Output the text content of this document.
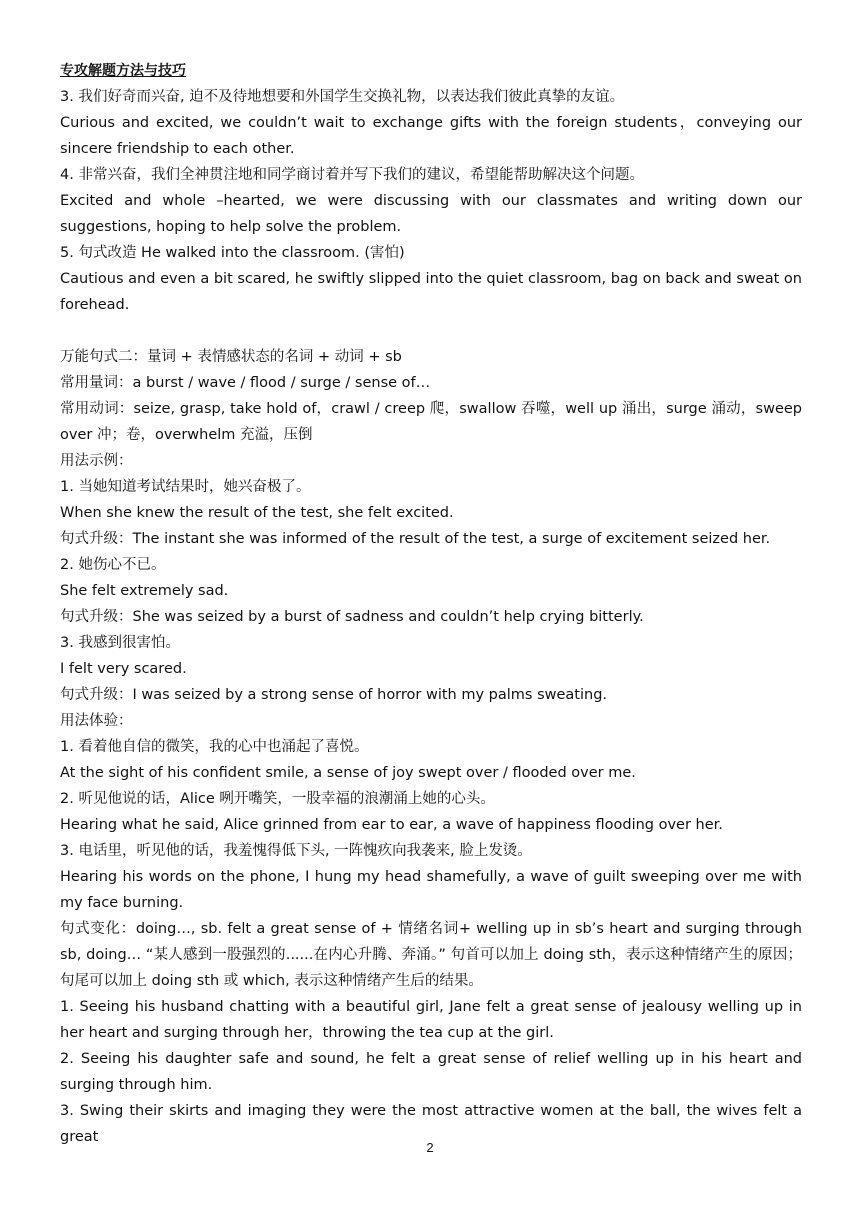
专攻解题方法与技巧

3. 我们好奇而兴奋, 迫不及待地想要和外国学生交换礼物，以表达我们彼此真挚的友谊。

Curious and excited, we couldn’t wait to exchange gifts with the foreign students，conveying our sincere friendship to each other.

4. 非常兴奋，我们全神贯注地和同学商讨着并写下我们的建议，希望能帮助解决这个问题。

Excited and whole –hearted, we were discussing with our classmates and writing down our suggestions, hoping to help solve the problem.

5. 句式改造 He walked into the classroom. (害怕)

Cautious and even a bit scared, he swiftly slipped into the quiet classroom, bag on back and sweat on forehead.

万能句式二：量词 + 表情感状态的名词 + 动词 + sb

常用量词：a burst / wave / flood / surge / sense of…

常用动词：seize, grasp, take hold of，crawl / creep 爬，swallow 吞噬，well up 涌出，surge 涌动，sweep over 冲；卷，overwhelm 充溢，压倒

用法示例：

1. 当她知道考试结果时，她兴奋极了。

When she knew the result of the test, she felt excited.

句式升级：The instant she was informed of the result of the test, a surge of excitement seized her.

2. 她伤心不已。

She felt extremely sad.

句式升级：She was seized by a burst of sadness and couldn’t help crying bitterly.

3. 我感到很害怕。

I felt very scared.

句式升级：I was seized by a strong sense of horror with my palms sweating.

用法体验：

1. 看着他自信的微笑，我的心中也涌起了喜悦。

At the sight of his confident smile, a sense of joy swept over / flooded over me.

2. 听见他说的话，Alice 咧开嘴笑，一股幸福的浪潮涌上她的心头。

Hearing what he said, Alice grinned from ear to ear, a wave of happiness flooding over her.

3. 电话里，听见他的话，我羞愧得低下头, 一阵愧疚向我袭来, 脸上发烫。

Hearing his words on the phone, I hung my head shamefully, a wave of guilt sweeping over me with my face burning.

句式变化：doing…, sb. felt a great sense of + 情绪名词+ welling up in sb’s heart and surging through sb, doing… “某人感到一股强烈的......在内心升腾、奔涌。” 句首可以加上 doing sth，表示这种情绪产生的原因；句尾可以加上 doing sth 或 which, 表示这种情绪产生后的结果。

1. Seeing his husband chatting with a beautiful girl, Jane felt a great sense of jealousy welling up in her heart and surging through her，throwing the tea cup at the girl.

2. Seeing his daughter safe and sound, he felt a great sense of relief welling up in his heart and surging through him.

3. Swing their skirts and imaging they were the most attractive women at the ball, the wives felt a great

2
